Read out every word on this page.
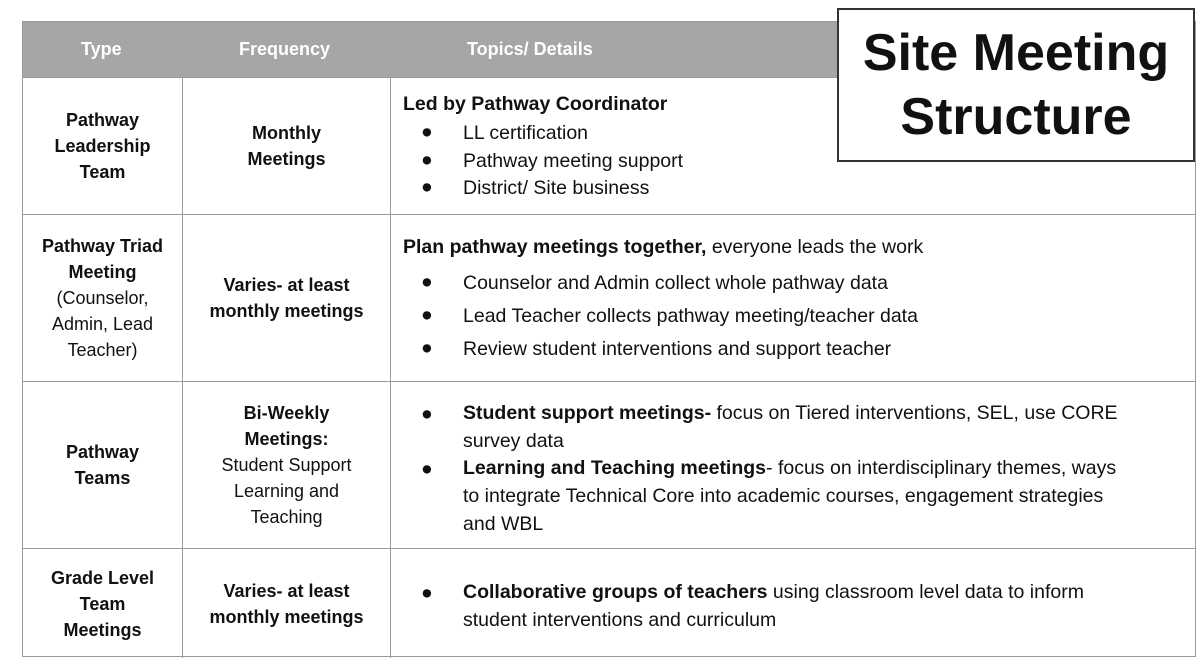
Type	Frequency	Topics/ Details
Pathway
Leadership
Team
Monthly
Meetings
Led by Pathway Coordinator
● LL certification
● Pathway meeting support
● District/ Site business
Pathway Triad
Meeting
(Counselor,
Admin, Lead
Teacher)
Varies- at least
monthly meetings
Plan pathway meetings together, everyone leads the work
● Counselor and Admin collect whole pathway data
● Lead Teacher collects pathway meeting/teacher data
● Review student interventions and support teacher
Pathway
Teams
Bi-Weekly
Meetings:
Student Support
Learning and
Teaching
● Student support meetings- focus on Tiered interventions, SEL, use CORE
survey data
● Learning and Teaching meetings- focus on interdisciplinary themes, ways
to integrate Technical Core into academic courses, engagement strategies
and WBL
Grade Level
Team
Meetings
Varies- at least
monthly meetings
● Collaborative groups of teachers using classroom level data to inform
student interventions and curriculum
Site Meeting
Structure
